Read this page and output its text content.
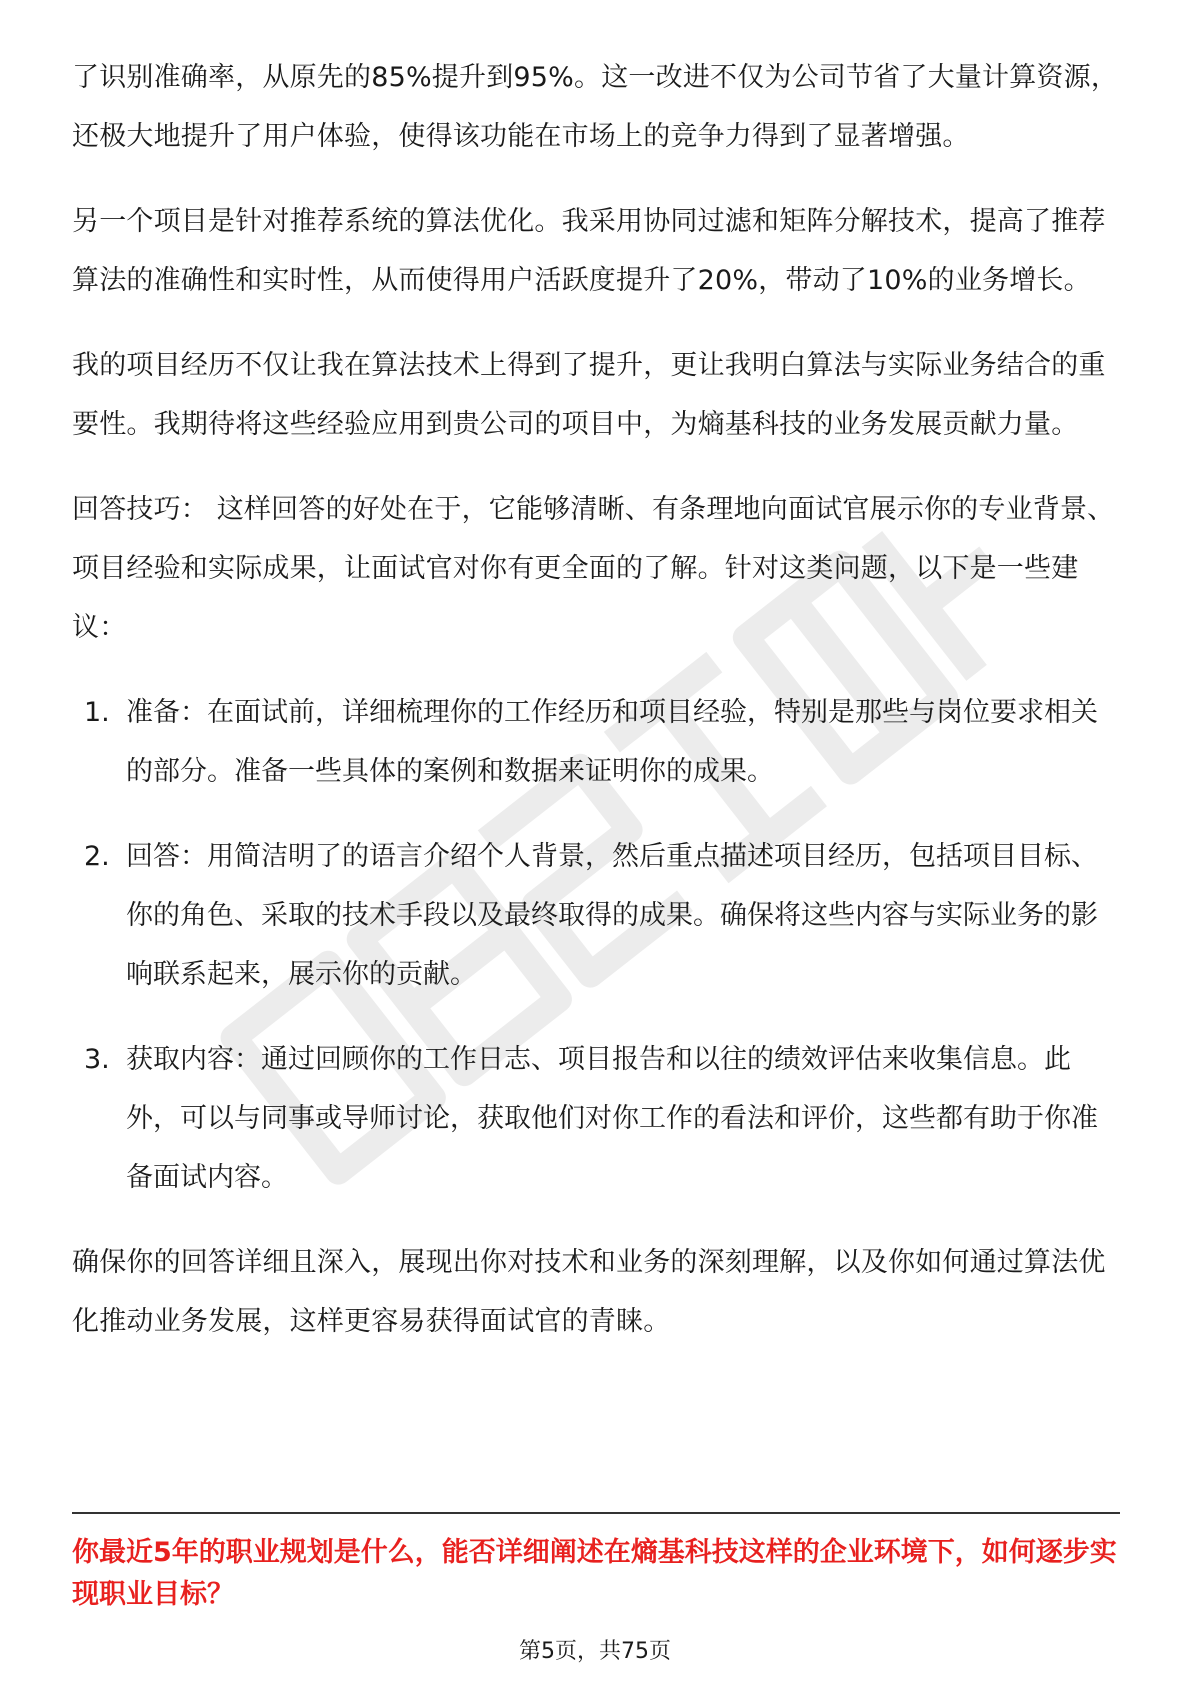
了识别准确率，从原先的85%提升到95%。这一改进不仅为公司节省了大量计算资源，还极大地提升了用户体验，使得该功能在市场上的竞争力得到了显著增强。

另一个项目是针对推荐系统的算法优化。我采用协同过滤和矩阵分解技术，提高了推荐算法的准确性和实时性，从而使得用户活跃度提升了20%，带动了10%的业务增长。

我的项目经历不仅让我在算法技术上得到了提升，更让我明白算法与实际业务结合的重要性。我期待将这些经验应用到贵公司的项目中，为熵基科技的业务发展贡献力量。

回答技巧： 这样回答的好处在于，它能够清晰、有条理地向面试官展示你的专业背景、项目经验和实际成果，让面试官对你有更全面的了解。针对这类问题，以下是一些建议：

1. 准备：在面试前，详细梳理你的工作经历和项目经验，特别是那些与岗位要求相关的部分。准备一些具体的案例和数据来证明你的成果。
2. 回答：用简洁明了的语言介绍个人背景，然后重点描述项目经历，包括项目目标、你的角色、采取的技术手段以及最终取得的成果。确保将这些内容与实际业务的影响联系起来，展示你的贡献。
3. 获取内容：通过回顾你的工作日志、项目报告和以往的绩效评估来收集信息。此外，可以与同事或导师讨论，获取他们对你工作的看法和评价，这些都有助于你准备面试内容。

确保你的回答详细且深入，展现出你对技术和业务的深刻理解，以及你如何通过算法优化推动业务发展，这样更容易获得面试官的青睐。

你最近5年的职业规划是什么，能否详细阐述在熵基科技这样的企业环境下，如何逐步实现职业目标？
第5页，共75页
